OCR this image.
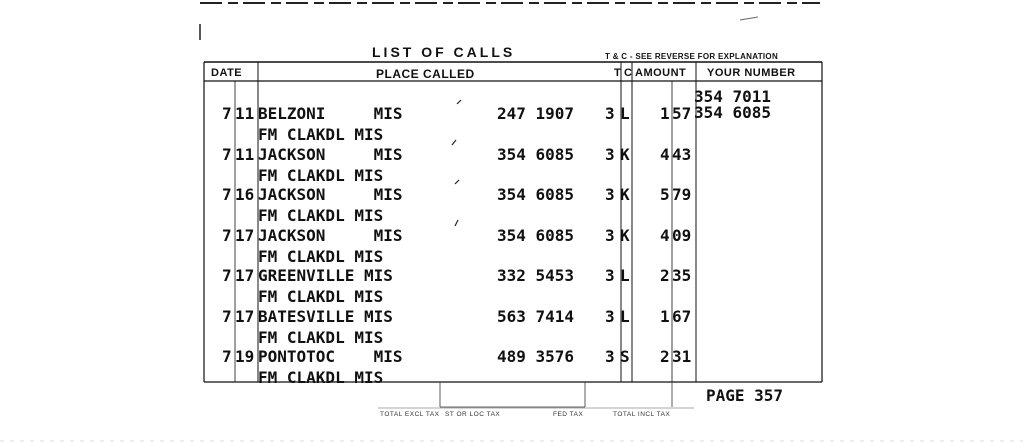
LIST OF CALLS	T & C - SEE REVERSE FOR EXPLANATION
DATE	PLACE CALLED	T C AMOUNT YOUR NUMBER
354 7011
354 6085
7 11 BELZONI     MIS	247 1907 3 L 1 57
FM CLAKDL MIS
7 11 JACKSON     MIS	354 6085 3 K 4 43
FM CLAKDL MIS
7 16 JACKSON     MIS	354 6085 3 K 5 79
FM CLAKDL MIS
7 17 JACKSON     MIS	354 6085 3 K 4 09
FM CLAKDL MIS
7 17 GREENVILLE MIS	332 5453 3 L 2 35
FM CLAKDL MIS
7 17 BATESVILLE MIS	563 7414 3 L 1 67
FM CLAKDL MIS
7 19 PONTOTOC    MIS	489 3576 3 S 2 31
FM CLAKDL MIS
PAGE 357
TOTAL EXCL TAX ST OR LOC TAX	FED TAX	TOTAL INCL TAX
